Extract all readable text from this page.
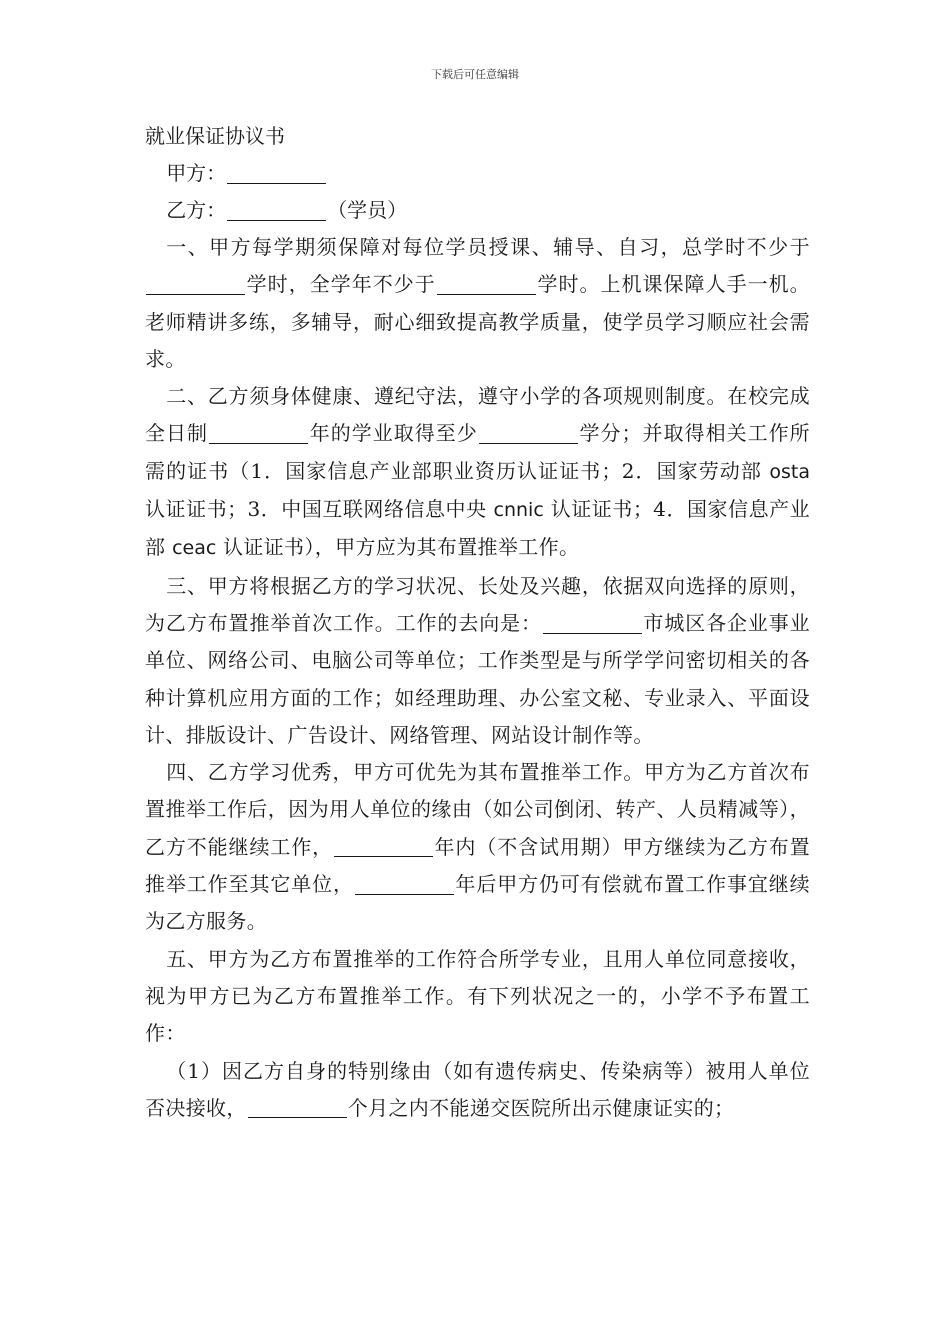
下载后可任意编辑

就业保证协议书

甲方：

乙方：	（学员）

一、甲方每学期须保障对每位学员授课、辅导、自习，总学时不少于学时，全学年不少于	学时。上机课保障人手一机。老师精讲多练，多辅导，耐心细致提高教学质量，使学员学习顺应社会需求。

二、乙方须身体健康、遵纪守法，遵守小学的各项规则制度。在校完成全日制	年的学业取得至少	学分；并取得相关工作所需的证书（1．国家信息产业部职业资历认证证书；2．国家劳动部 osta 认证证书；3．中国互联网络信息中央 cnnic 认证证书；4．国家信息产业部 ceac 认证证书），甲方应为其布置推举工作。

三、甲方将根据乙方的学习状况、长处及兴趣，依据双向选择的原则，为乙方布置推举首次工作。工作的去向是：	市城区各企业事业单位、网络公司、电脑公司等单位；工作类型是与所学学问密切相关的各种计算机应用方面的工作；如经理助理、办公室文秘、专业录入、平面设计、排版设计、广告设计、网络管理、网站设计制作等。

四、乙方学习优秀，甲方可优先为其布置推举工作。甲方为乙方首次布置推举工作后，因为用人单位的缘由（如公司倒闭、转产、人员精减等），乙方不能继续工作，	年内（不含试用期）甲方继续为乙方布置推举工作至其它单位，	年后甲方仍可有偿就布置工作事宜继续为乙方服务。

五、甲方为乙方布置推举的工作符合所学专业，且用人单位同意接收，视为甲方已为乙方布置推举工作。有下列状况之一的，小学不予布置工作：

（1）因乙方自身的特别缘由（如有遗传病史、传染病等）被用人单位否决接收，	个月之内不能递交医院所出示健康证实的；
